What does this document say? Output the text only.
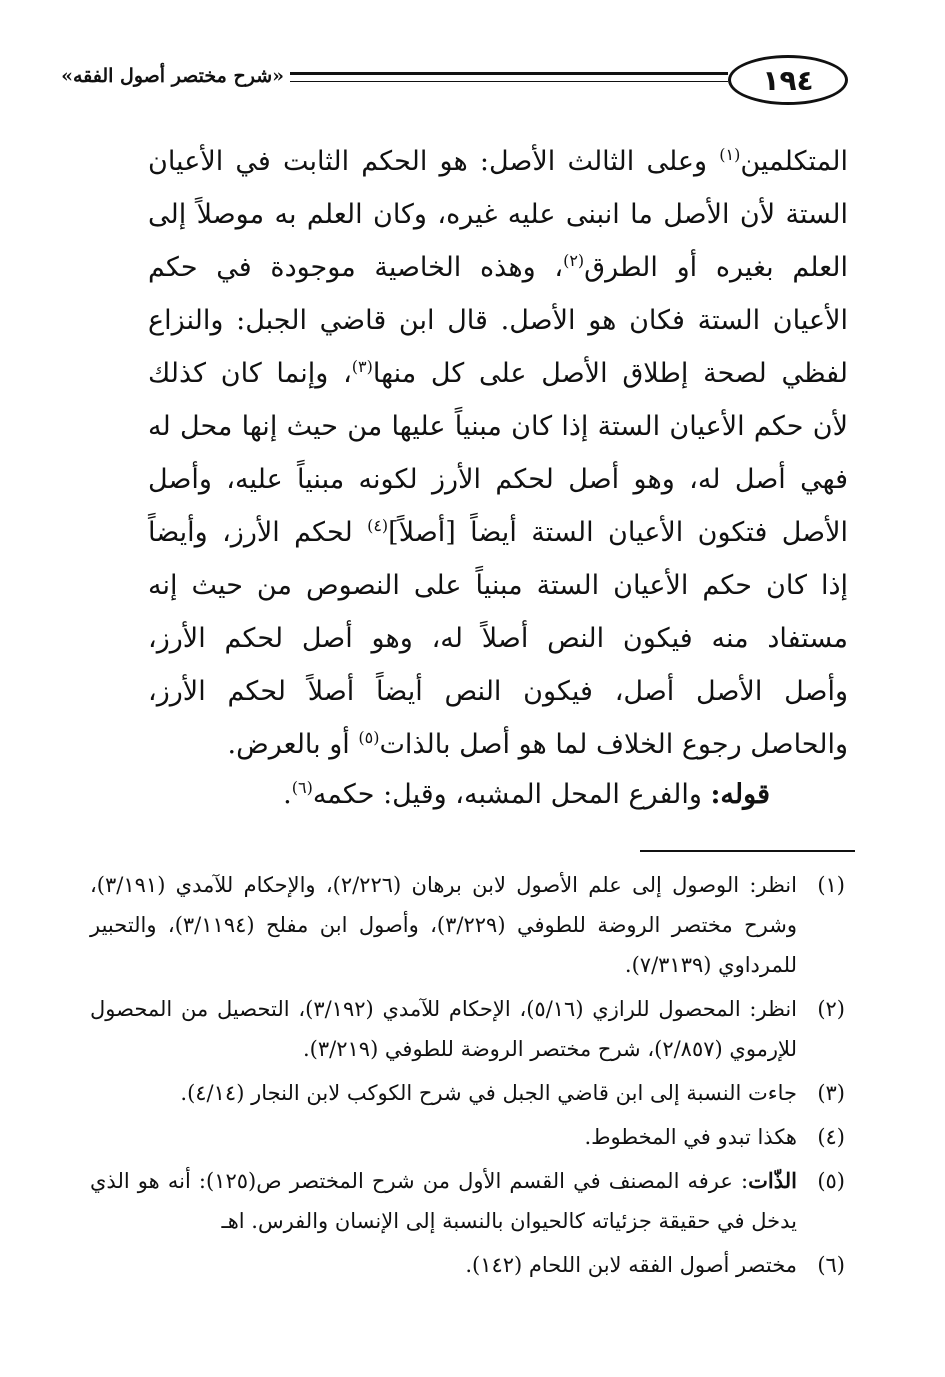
١٩٤
«شرح مختصر أصول الفقه»
المتكلمين$^{(١)}$ وعلى الثالث الأصل: هو الحكم الثابت في الأعيان
الستة لأن الأصل ما انبنى عليه غيره، وكان العلم به موصلاً إلى
العلم بغيره أو الطرق$^{(٢)}$، وهذه الخاصية موجودة في حكم
الأعيان الستة فكان هو الأصل. قال ابن قاضي الجبل: والنزاع
لفظي لصحة إطلاق الأصل على كل منها$^{(٣)}$، وإنما كان كذلك
لأن حكم الأعيان الستة إذا كان مبنياً عليها من حيث إنها محل له
فهي أصل له، وهو أصل لحكم الأرز لكونه مبنياً عليه، وأصل
الأصل فتكون الأعيان الستة أيضاً [أصلاً]$^{(٤)}$ لحكم الأرز، وأيضاً
إذا كان حكم الأعيان الستة مبنياً على النصوص من حيث إنه
مستفاد منه فيكون النص أصلاً له، وهو أصل لحكم الأرز،
وأصل الأصل أصل، فيكون النص أيضاً أصلاً لحكم الأرز،
والحاصل رجوع الخلاف لما هو أصل بالذات$^{(٥)}$ أو بالعرض.
قوله: والفرع المحل المشبه، وقيل: حكمه$^{(٦)}$.
(١)
انظر: الوصول إلى علم الأصول لابن برهان (٢/٢٢٦)، والإحكام للآمدي (٣/١٩١)، وشرح مختصر الروضة للطوفي (٣/٢٢٩)، وأصول ابن مفلح (٣/١١٩٤)، والتحبير للمرداوي (٧/٣١٣٩).
(٢)
انظر: المحصول للرازي (٥/١٦)، الإحكام للآمدي (٣/١٩٢)، التحصيل من المحصول للإرموي (٢/٨٥٧)، شرح مختصر الروضة للطوفي (٣/٢١٩).
(٣)
جاءت النسبة إلى ابن قاضي الجبل في شرح الكوكب لابن النجار (٤/١٤).
(٤)
هكذا تبدو في المخطوط.
(٥)
الذّات: عرفه المصنف في القسم الأول من شرح المختصر ص(١٢٥): أنه هو الذي يدخل في حقيقة جزئياته كالحيوان بالنسبة إلى الإنسان والفرس. اهـ
(٦)
مختصر أصول الفقه لابن اللحام (١٤٢).
